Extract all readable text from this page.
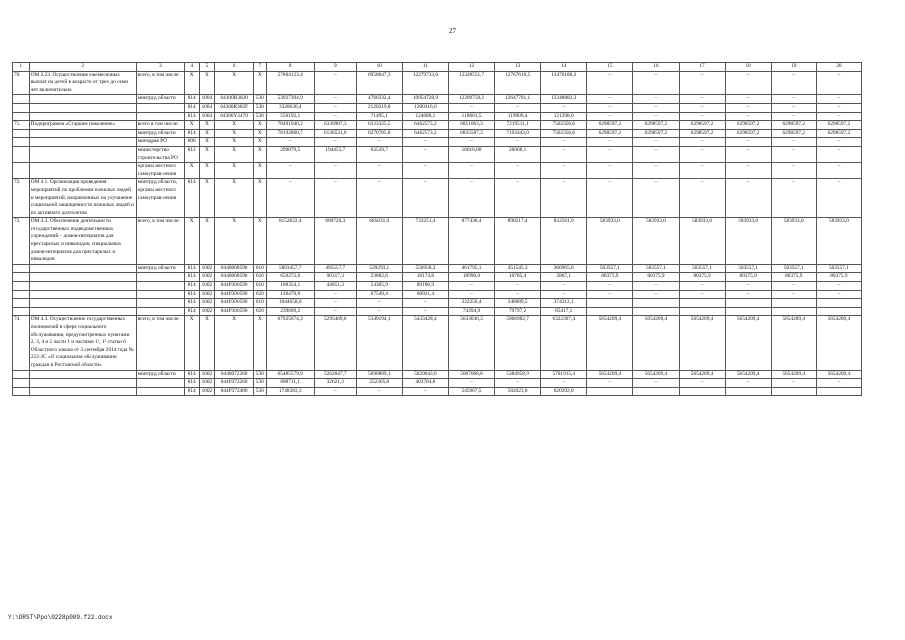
27
1	2	3	4	5	6	7	8	9	10	11	12	13	14	15	16	17	18	19	20
70.	ОМ 3.23. Осуществление ежемесячных выплат на детей в возрасте от трех до семи лет включительно	всего, в том числе:	X	X	X	X	57804123,4	–	6958047,3	12279733,6	12328551,7	12767610,5	13470180,3	–	–	–	–	–	–
		минтруд области	814	1004	04300R3020	530	53927394,9	–	4766332,4	10954728,9	12209750,2	12647701,1	13348882,3	–	–	–	–	–	–
			814	1004	04300R302F	530	3320636,4	–	2120219,8	1200316,6	–	–	–	–	–	–	–	–	–
			814	1004	04300Y2470	530	556192,1	–	71495,1	124688,1	118801,5	119909,4	121298,0	–	–	–	–	–	–
71.	Подпрограмма «Старшее поколение»	всего в том числе:	X	X	X	X	78491940,2	6330987,3	6333325,5	6462573,2	6851603,3	7219511,1	7502356,6	6298597,2	6298597,2	6298597,2	6298597,2	6298597,2	6298597,2
		минтруд области	814	X	X	X	78192860,7	6136531,6	6270785,8	6462573,2	6835587,3	7193443,0	7502356,6	6298597,2	6298597,2	6298597,2	6298597,2	6298597,2	6298597,2
		минздрав РО	806	X	X	X	–	–	–	–	–	–	–	–	–	–	–	–	–
		министерство строительства РО	812	X	X	X	299079,5	194455,7	62539,7	–	16016,00	26068,1	–	–	–	–	–	–	–
		органы местного самоуправ-ления	X	X	X	X	–	–	–	–	–	–	–	–	–	–	–	–	–
72.	ОМ 4.1. Организация проведения мероприятий по проблемам пожилых людей и мероприятий, направленных на улучшение социальной защищенности пожилых людей и их активного долголетия	минтруд области, органы местного самоуправ-ления	814	X	X	X	–	–	–	–	–	–	–	–	–	–	–	–	–
73.	ОМ 4.2. Обеспечение деятельности государственных подведомственных учреждений – домов-интернатов для престарелых и инвалидов, специальных домов-интернатов для престарелых и инвалидов	всего, в том числе:	X	X	X	X	8152822,4	600726,3	685031,0	733251,4	877436,4	890217,4	832561,9	583933,0	583933,0	583933,0	583933,0	583933,0	583933,0
		минтруд области	814	1002	0440000590	610	5893457,7	495557,7	539293,1	556958,3	461795,1	451545,3	366965,6	503557,1	503557,1	503557,1	503557,1	503557,1	503557,1
			814	1002	0440000590	620	650272,6	90317,3	23882,6	18174,8	18990,0	10785,4	5867,1	80375,9	80375,9	80375,9	80375,9	80375,9	80375,9
			814	1002	044P300590	610	188354,1	44851,3	54305,9	89196,9	–	–	–	–	–	–	–	–	–
			814	1002	044P300590	620	136470,8	–	67549,4	68921,4	–	–	–	–	–	–	–	–	–
			814	1002	044P300590	610	1044658,0	–	–	–	322256,4	348089,5	374312,1						
			814	1002	044P300590	620	239609,2	–	–	–	74394,9	79797,2	85417,1						
74.	ОМ 4.3. Осуществление государственных полномочий в сфере социального обслуживания, предусмотренных пунктами 2, 3, 4 и 5 части 1 и частями 1¹, 1² статьи 6 Областного закона от 3 сентября 2014 года № 222-ЗС «О социальном обслуживании граждан в Ростовской области»	всего, в том числе:	X	X	X	X	67925674,3	5295469,0	5349194,1	5433428,4	5633036,3	5966982,7	6322307,4	5654209,4	5654209,4	5654209,4	5654209,4	5654209,4	5654209,4
		минтруд области	814	1002	0440072260	530	65485579,9	5262847,7	5096889,1	5029643,6	5087068,8	5384958,9	5701915,4	5654209,4	5654209,4	5654209,4	5654209,4	5654209,4	5654209,4
			814	1002	044P372260	530	688711,1	32621,3	252305,0	403784,8	–	–	–	–	–	–	–	–	–
			814	1002	044P372480	530	1748383,3	–	–	–	545967,5	582023,8	620392,0						
Y:\ORST\Ppo\0228p009.f22.docx
